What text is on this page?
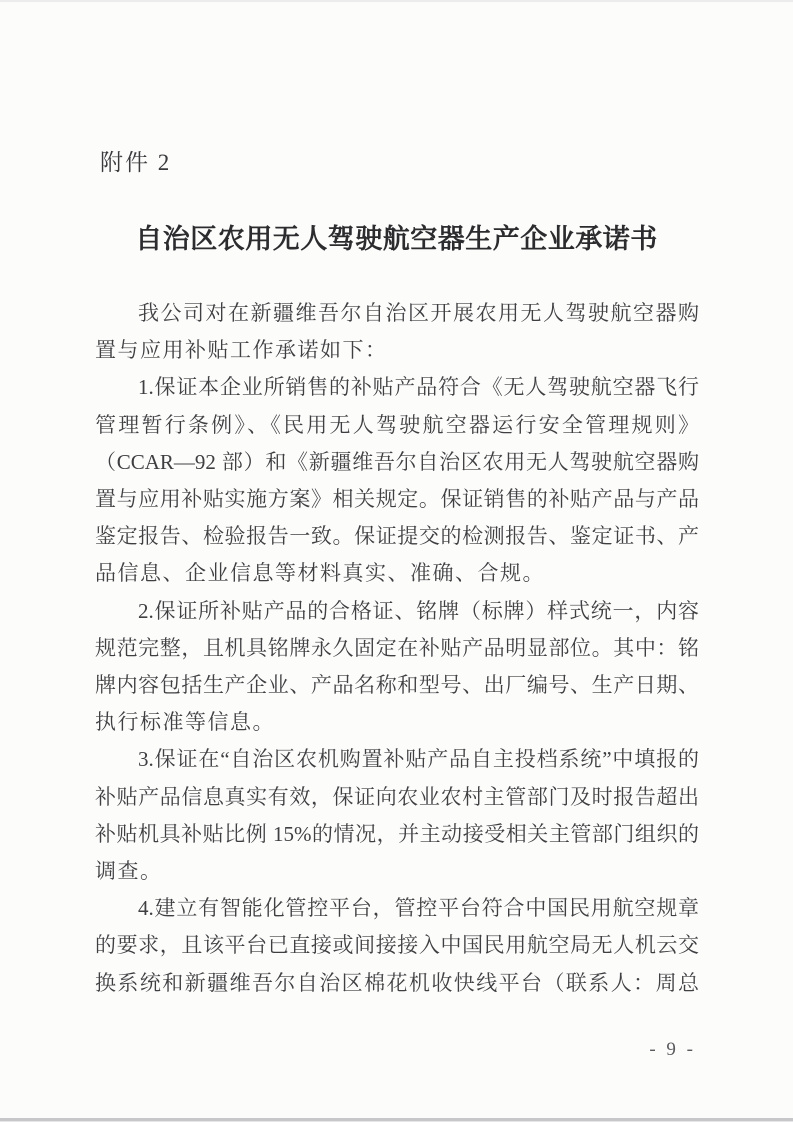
附件 2
自治区农用无人驾驶航空器生产企业承诺书
我公司对在新疆维吾尔自治区开展农用无人驾驶航空器购
置与应用补贴工作承诺如下：
1.保证本企业所销售的补贴产品符合《无人驾驶航空器飞行
管理暂行条例》、《民用无人驾驶航空器运行安全管理规则》
（CCAR—92 部）和《新疆维吾尔自治区农用无人驾驶航空器购
置与应用补贴实施方案》相关规定。保证销售的补贴产品与产品
鉴定报告、检验报告一致。保证提交的检测报告、鉴定证书、产
品信息、企业信息等材料真实、准确、合规。
2.保证所补贴产品的合格证、铭牌（标牌）样式统一，内容
规范完整，且机具铭牌永久固定在补贴产品明显部位。其中：铭
牌内容包括生产企业、产品名称和型号、出厂编号、生产日期、
执行标准等信息。
3.保证在“自治区农机购置补贴产品自主投档系统”中填报的
补贴产品信息真实有效，保证向农业农村主管部门及时报告超出
补贴机具补贴比例 15%的情况，并主动接受相关主管部门组织的
调查。
4.建立有智能化管控平台，管控平台符合中国民用航空规章
的要求，且该平台已直接或间接接入中国民用航空局无人机云交
换系统和新疆维吾尔自治区棉花机收快线平台（联系人：周总
- 9 -
